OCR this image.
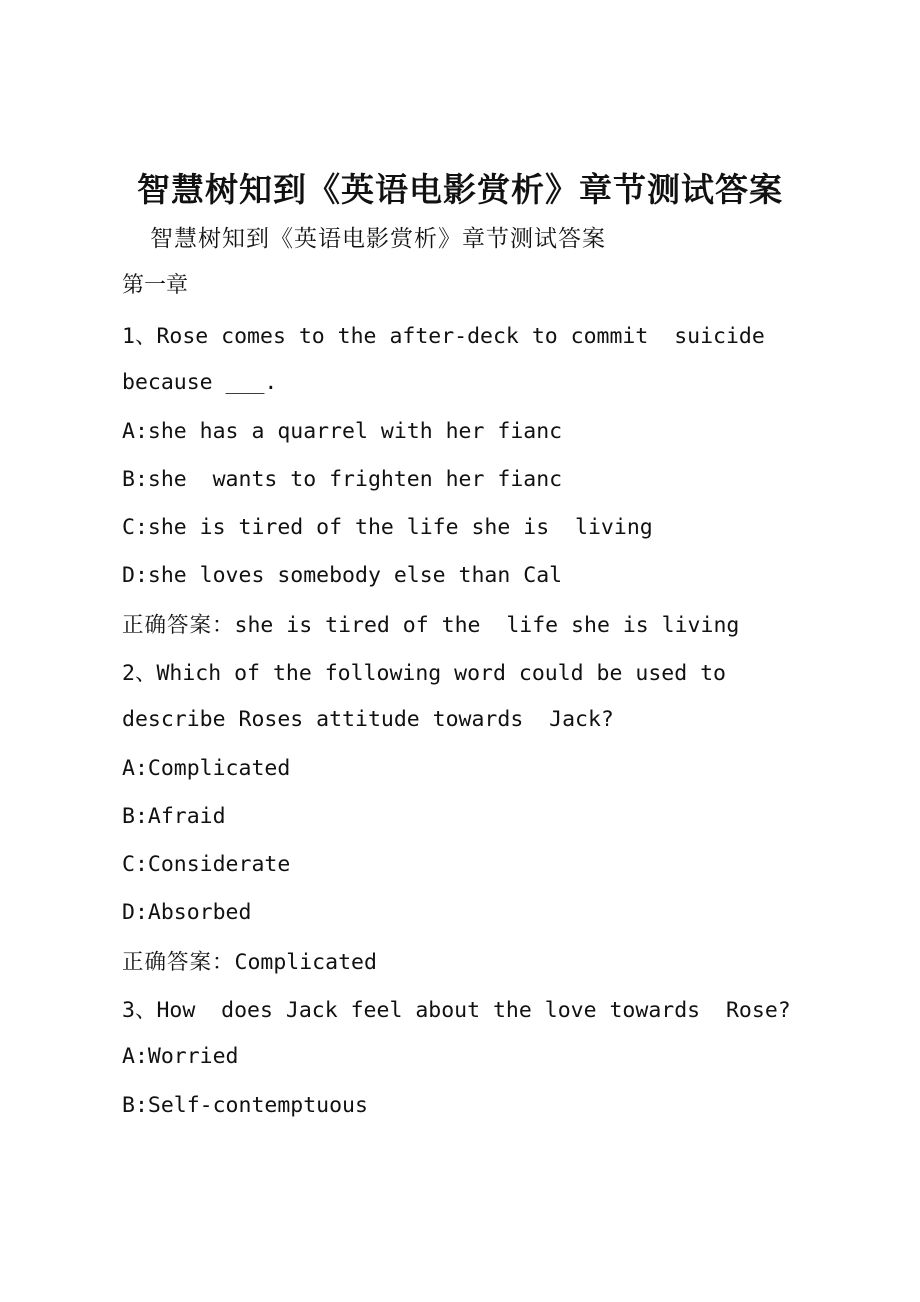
智慧树知到《英语电影赏析》章节测试答案
智慧树知到《英语电影赏析》章节测试答案
第一章
1、Rose comes to the after-deck to commit  suicide
because ___.
A:she has a quarrel with her fianc
B:she  wants to frighten her fianc
C:she is tired of the life she is  living
D:she loves somebody else than Cal
正确答案：she is tired of the  life she is living
2、Which of the following word could be used to
describe Roses attitude towards  Jack?
A:Complicated
B:Afraid
C:Considerate
D:Absorbed
正确答案：Complicated
3、How  does Jack feel about the love towards  Rose?
A:Worried
B:Self-contemptuous
